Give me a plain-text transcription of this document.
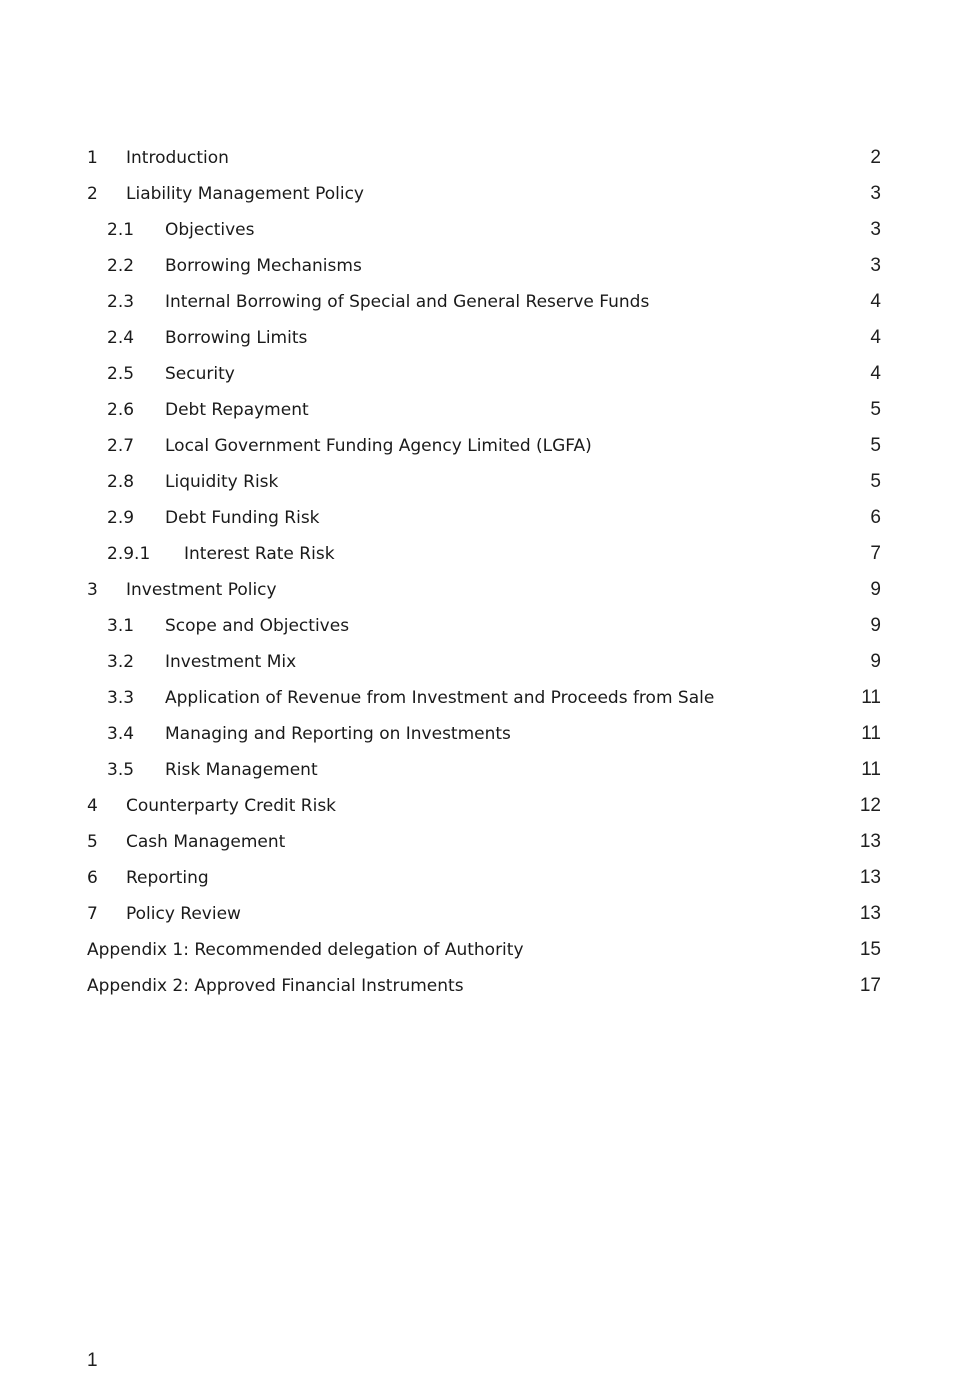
1 Introduction	2
2 Liability Management Policy	3
2.1 Objectives	3
2.2 Borrowing Mechanisms	3
2.3 Internal Borrowing of Special and General Reserve Funds	4
2.4 Borrowing Limits	4
2.5 Security	4
2.6 Debt Repayment	5
2.7 Local Government Funding Agency Limited (LGFA)	5
2.8 Liquidity Risk	5
2.9 Debt Funding Risk	6
2.9.1 Interest Rate Risk	7
3 Investment Policy	9
3.1 Scope and Objectives	9
3.2 Investment Mix	9
3.3 Application of Revenue from Investment and Proceeds from Sale	11
3.4 Managing and Reporting on Investments	11
3.5 Risk Management	11
4 Counterparty Credit Risk	12
5 Cash Management	13
6 Reporting	13
7 Policy Review	13
Appendix 1: Recommended delegation of Authority	15
Appendix 2: Approved Financial Instruments	17
1
